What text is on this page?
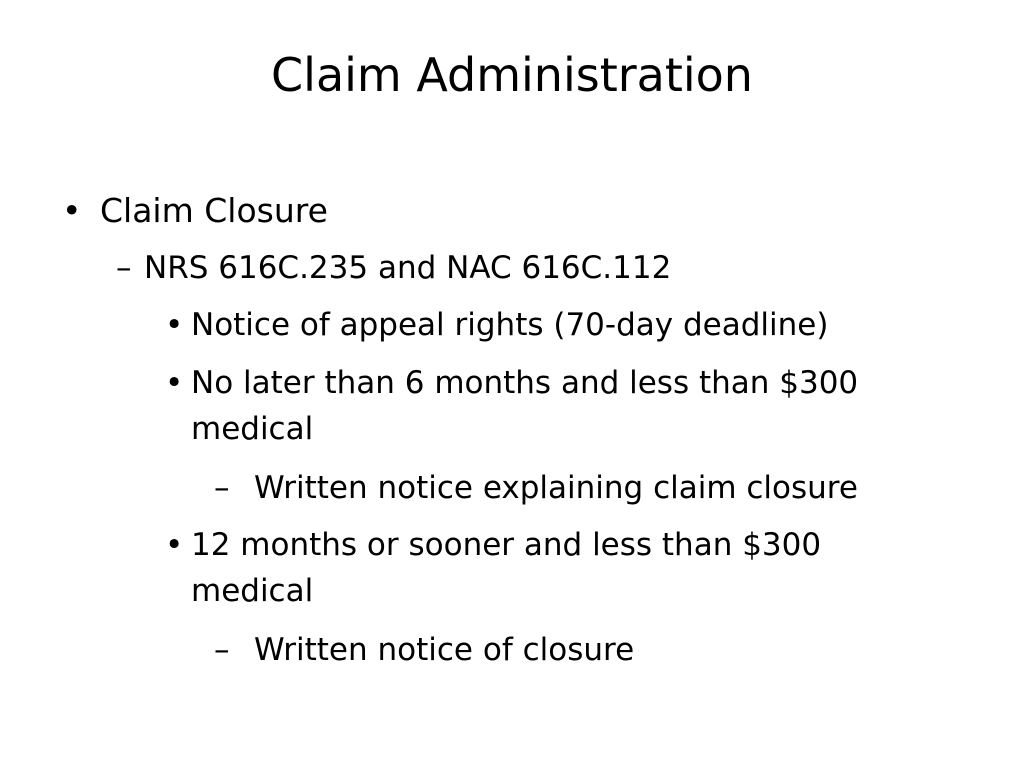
Claim Administration
• Claim Closure
– NRS 616C.235 and NAC 616C.112
• Notice of appeal rights (70-day deadline)
• No later than 6 months and less than $300 medical
– Written notice explaining claim closure
• 12 months or sooner and less than $300 medical
– Written notice of closure
